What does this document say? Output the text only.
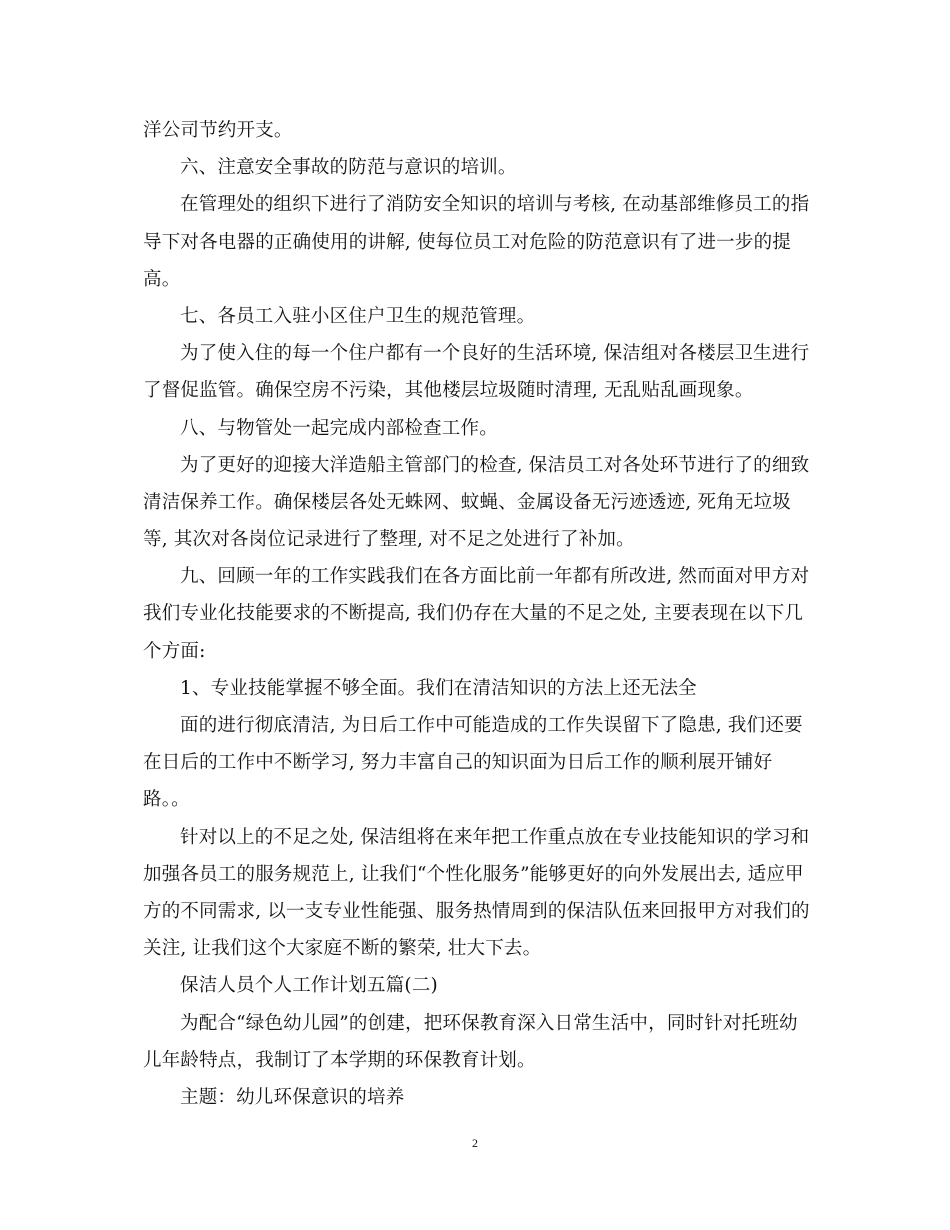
洋公司节约开支。
六、注意安全事故的防范与意识的培训。
在管理处的组织下进行了消防安全知识的培训与考核, 在动基部维修员工的指
导下对各电器的正确使用的讲解, 使每位员工对危险的防范意识有了进一步的提
高。
七、各员工入驻小区住户卫生的规范管理。
为了使入住的每一个住户都有一个良好的生活环境, 保洁组对各楼层卫生进行
了督促监管。确保空房不污染，其他楼层垃圾随时清理, 无乱贴乱画现象。
八、与物管处一起完成内部检查工作。
为了更好的迎接大洋造船主管部门的检查, 保洁员工对各处环节进行了的细致
清洁保养工作。确保楼层各处无蛛网、蚊蝇、金属设备无污迹透迹, 死角无垃圾
等, 其次对各岗位记录进行了整理, 对不足之处进行了补加。
九、回顾一年的工作实践我们在各方面比前一年都有所改进, 然而面对甲方对
我们专业化技能要求的不断提高, 我们仍存在大量的不足之处, 主要表现在以下几
个方面:
1、专业技能掌握不够全面。我们在清洁知识的方法上还无法全
面的进行彻底清洁, 为日后工作中可能造成的工作失误留下了隐患, 我们还要
在日后的工作中不断学习, 努力丰富自己的知识面为日后工作的顺利展开铺好
路。。
针对以上的不足之处, 保洁组将在来年把工作重点放在专业技能知识的学习和
加强各员工的服务规范上, 让我们“个性化服务”能够更好的向外发展出去, 适应甲
方的不同需求, 以一支专业性能强、服务热情周到的保洁队伍来回报甲方对我们的
关注, 让我们这个大家庭不断的繁荣, 壮大下去。
保洁人员个人工作计划五篇(二)
为配合“绿色幼儿园”的创建，把环保教育深入日常生活中，同时针对托班幼
儿年龄特点，我制订了本学期的环保教育计划。
主题：幼儿环保意识的培养
2
